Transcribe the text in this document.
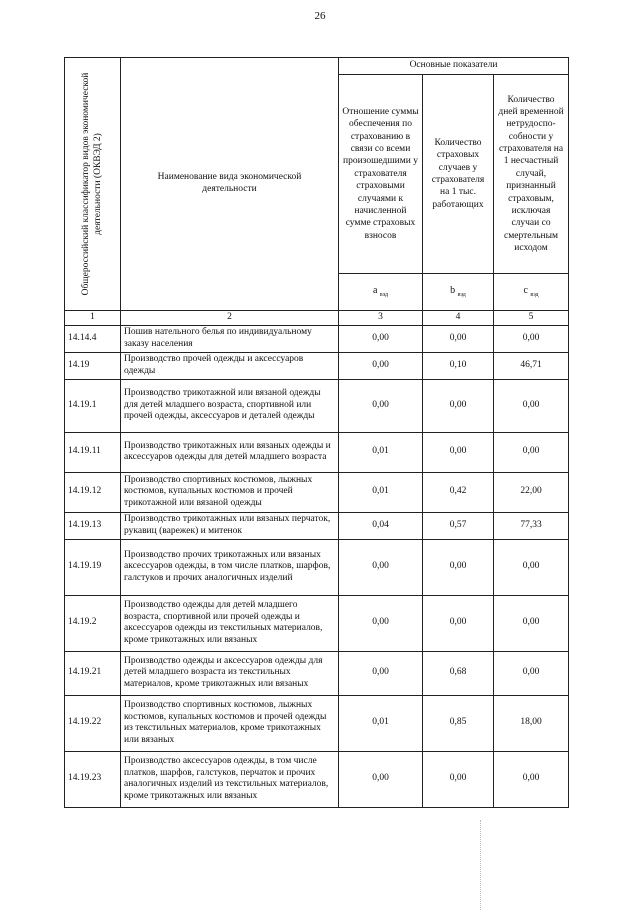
26
Общероссийский классификатор видов экономической деятельности (ОКВЭД 2)	Наименование вида экономической деятельности	Основные показатели		
		Отношение суммы обеспечения по страхованию в связи со всеми произошедшими у страхователя страховыми случаями к начисленной сумме страховых взносов	Количество страховых случаев у страхователя на 1 тыс. работающих	Количество дней временной нетрудоспо-собности у страхователя на 1 несчастный случай, признанный страховым, исключая случаи со смертельным исходом
		a $_{вэд}$	b $_{вэд}$	c $_{вэд}$
1	2	3	4	5
14.14.4	Пошив нательного белья по индивидуальному заказу населения	0,00	0,00	0,00
14.19	Производство прочей одежды и аксессуаров одежды	0,00	0,10	46,71
14.19.1	Производство трикотажной или вязаной одежды для детей младшего возраста, спортивной или прочей одежды, аксессуаров и деталей одежды	0,00	0,00	0,00
14.19.11	Производство трикотажных или вязаных одежды и аксессуаров одежды для детей младшего возраста	0,01	0,00	0,00
14.19.12	Производство спортивных костюмов, лыжных костюмов, купальных костюмов и прочей трикотажной или вязаной одежды	0,01	0,42	22,00
14.19.13	Производство трикотажных или вязаных перчаток, рукавиц (варежек) и митенок	0,04	0,57	77,33
14.19.19	Производство прочих трикотажных или вязаных аксессуаров одежды, в том числе платков, шарфов, галстуков и прочих аналогичных изделий	0,00	0,00	0,00
14.19.2	Производство одежды для детей младшего возраста, спортивной или прочей одежды и аксессуаров одежды из текстильных материалов, кроме трикотажных или вязаных	0,00	0,00	0,00
14.19.21	Производство одежды и аксессуаров одежды для детей младшего возраста из текстильных материалов, кроме трикотажных или вязаных	0,00	0,68	0,00
14.19.22	Производство спортивных костюмов, лыжных костюмов, купальных костюмов и прочей одежды из текстильных материалов, кроме трикотажных или вязаных	0,01	0,85	18,00
14.19.23	Производство аксессуаров одежды, в том числе платков, шарфов, галстуков, перчаток и прочих аналогичных изделий из текстильных материалов, кроме трикотажных или вязаных	0,00	0,00	0,00
